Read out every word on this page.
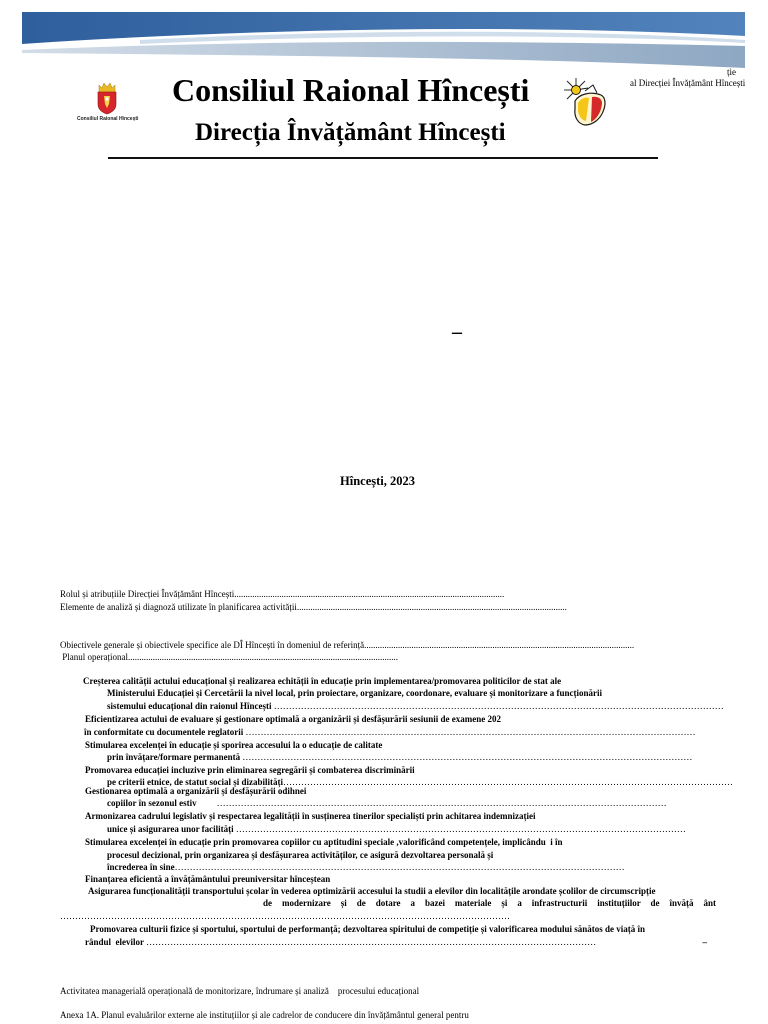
ție
al Direcției Învățământ Hîncești
Consiliul Raional Hîncești
Consiliul Raional Hîncești
Direcția Învățământ Hîncești
–
Hîncești, 2023
Rolul și atribuțiile Direcției Învățământ Hîncești ........................................................................................................................
Elemente de analiză și diagnoză utilizate în planificarea activității ........................................................................................................................
Obiectivele generale și obiectivele specifice ale DÎ Hîncești în domeniul de referință ........................................................................................................................
Planul operațional ........................................................................................................................
Creșterea calității actului educațional și realizarea echității în educație prin implementarea/promovarea politicilor de stat ale
Ministerului Educației și Cercetării la nivel local, prin proiectare, organizare, coordonare, evaluare și monitorizare a funcționării
sistemului educațional din raionul Hîncești ……………………………………………………………………………………………………………………………………
Eficientizarea actului de evaluare și gestionare optimală a organizării și desfășurării sesiunii de examene 202
în conformitate cu documentele reglatorii ……………………………………………………………………………………………………………………………………
Stimularea excelenței în educație și sporirea accesului la o educație de calitate
prin învățare/formare permanentă ……………………………………………………………………………………………………………………………………
Promovarea educației incluzive prin eliminarea segregării și combaterea discriminării
pe criterii etnice, de statut social și dizabilități ……………………………………………………………………………………………………………………………………
Gestionarea optimală a organizării și desfășurării odihnei
copiilor în sezonul estiv ……………………………………………………………………………………………………………………………………
Armonizarea cadrului legislativ și respectarea legalității în susținerea tinerilor specialiști prin achitarea indemnizației
unice și asigurarea unor facilități ……………………………………………………………………………………………………………………………………
Stimularea excelenței în educație prin promovarea copiilor cu aptitudini speciale ,valorificând competențele, implicându  i în
procesul decizional, prin organizarea și desfășurarea activităților, ce asigură dezvoltarea personală și
încrederea în sine ……………………………………………………………………………………………………………………………………
Finanțarea eficientă a învățământului preuniversitar hînceștean
Asigurarea funcționalității transportului școlar în vederea optimizării accesului la studii a elevilor din localitățile arondate școlilor de circumscripție
de modernizare și de dotare a bazei materiale și a infrastructurii instituțiilor de învăță ânt
……………………………………………………………………………………………………………………………………
Promovarea culturii fizice și sportului, sportului de performanță; dezvoltarea spiritului de competiție și valorificarea modului sănătos de viață în
rândul  elevilor ……………………………………………………………………………………………………………………………………	–
Activitatea managerială operațională de monitorizare, îndrumare și analiză    procesului educațional
Anexa 1A. Planul evaluărilor externe ale instituțiilor și ale cadrelor de conducere din învățământul general pentru
